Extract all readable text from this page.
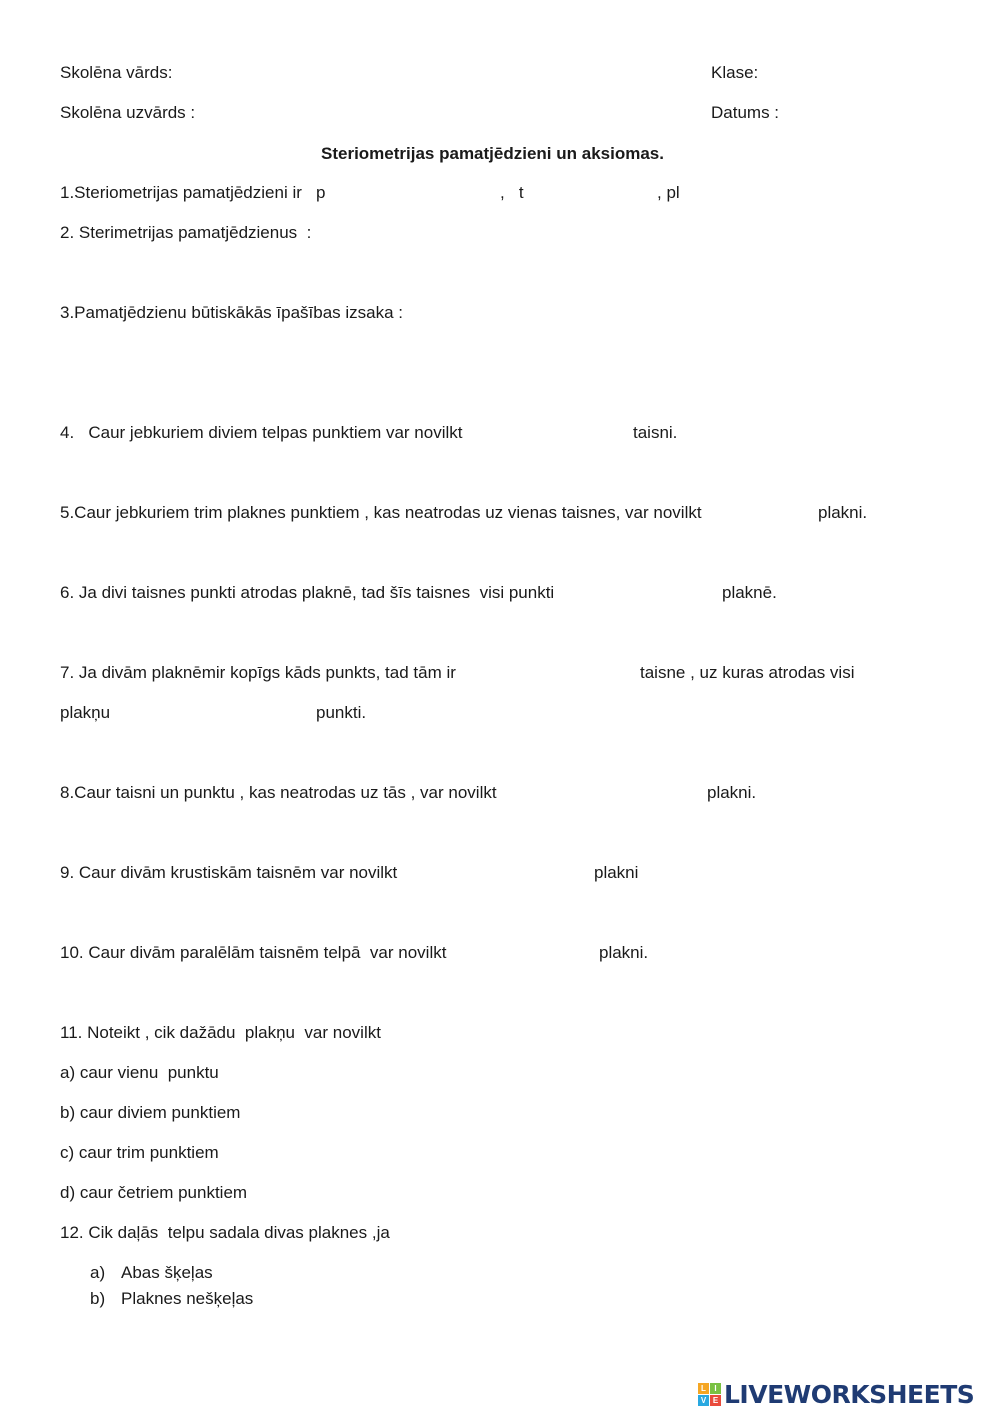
Skolēna vārds:	Klase:
Skolēna uzvārds :	Datums :
Steriometrijas pamatjēdzieni un aksiomas.
1.Steriometrijas pamatjēdzieni ir   p	,   t	, pl
2. Sterimetrijas pamatjēdzienus  :
3.Pamatjēdzienu būtiskākās īpašības izsaka :
4.   Caur jebkuriem diviem telpas punktiem var novilkt	taisni.
5.Caur jebkuriem trim plaknes punktiem , kas neatrodas uz vienas taisnes, var novilkt	plakni.
6. Ja divi taisnes punkti atrodas plaknē, tad šīs taisnes  visi punkti	plaknē.
7. Ja divām plaknēmir kopīgs kāds punkts, tad tām ir	taisne , uz kuras atrodas visi
plakņu	punkti.
8.Caur taisni un punktu , kas neatrodas uz tās , var novilkt	plakni.
9. Caur divām krustiskām taisnēm var novilkt	plakni
10. Caur divām paralēlām taisnēm telpā  var novilkt	plakni.
11. Noteikt , cik dažādu  plakņu  var novilkt
a) caur vienu  punktu
b) caur diviem punktiem
c) caur trim punktiem
d) caur četriem punktiem
12. Cik daļās  telpu sadala divas plaknes ,ja
a) Abas šķeļas
b) Plaknes nešķeļas
L	I
V E LIVEWORKSHEETS
